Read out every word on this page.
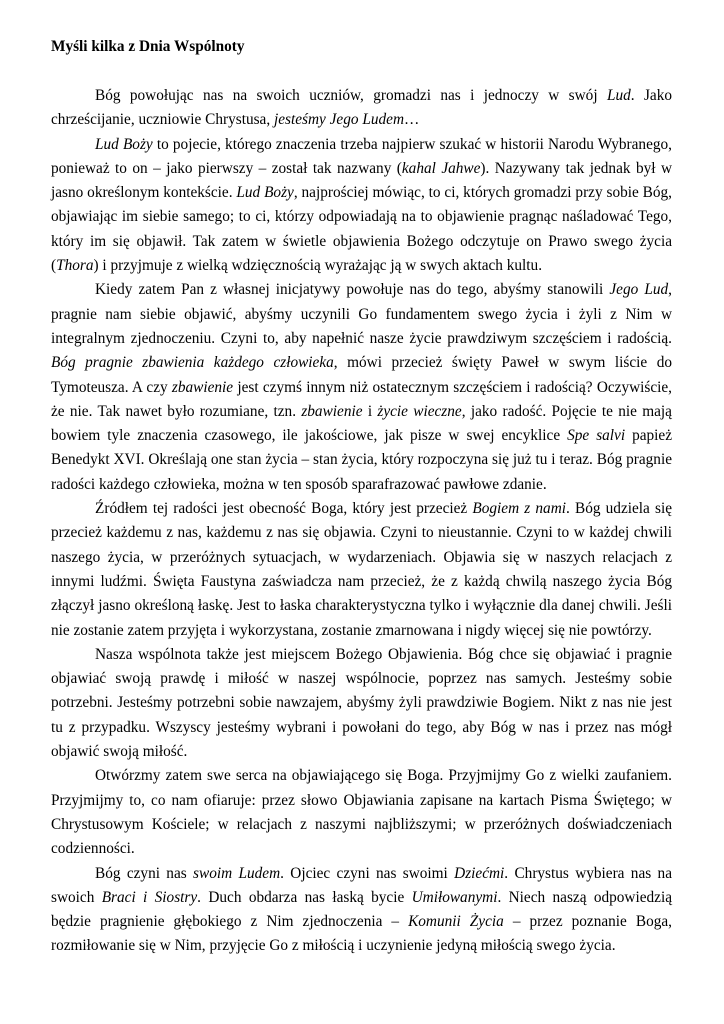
Myśli kilka z Dnia Wspólnoty

Bóg powołując nas na swoich uczniów, gromadzi nas i jednoczy w swój Lud. Jako chrześcijanie, uczniowie Chrystusa, jesteśmy Jego Ludem…

Lud Boży to pojecie, którego znaczenia trzeba najpierw szukać w historii Narodu Wybranego, ponieważ to on – jako pierwszy – został tak nazwany (kahal Jahwe). Nazywany tak jednak był w jasno określonym kontekście. Lud Boży, najprościej mówiąc, to ci, których gromadzi przy sobie Bóg, objawiając im siebie samego; to ci, którzy odpowiadają na to objawienie pragnąc naśladować Tego, który im się objawił. Tak zatem w świetle objawienia Bożego odczytuje on Prawo swego życia (Thora) i przyjmuje z wielką wdzięcznością wyrażając ją w swych aktach kultu.

Kiedy zatem Pan z własnej inicjatywy powołuje nas do tego, abyśmy stanowili Jego Lud, pragnie nam siebie objawić, abyśmy uczynili Go fundamentem swego życia i żyli z Nim w integralnym zjednoczeniu. Czyni to, aby napełnić nasze życie prawdziwym szczęściem i radością. Bóg pragnie zbawienia każdego człowieka, mówi przecież święty Paweł w swym liście do Tymoteusza. A czy zbawienie jest czymś innym niż ostatecznym szczęściem i radością? Oczywiście, że nie. Tak nawet było rozumiane, tzn. zbawienie i życie wieczne, jako radość. Pojęcie te nie mają bowiem tyle znaczenia czasowego, ile jakościowe, jak pisze w swej encyklice Spe salvi papież Benedykt XVI. Określają one stan życia – stan życia, który rozpoczyna się już tu i teraz. Bóg pragnie radości każdego człowieka, można w ten sposób sparafrazować pawłowe zdanie.

Źródłem tej radości jest obecność Boga, który jest przecież Bogiem z nami. Bóg udziela się przecież każdemu z nas, każdemu z nas się objawia. Czyni to nieustannie. Czyni to w każdej chwili naszego życia, w przeróżnych sytuacjach, w wydarzeniach. Objawia się w naszych relacjach z innymi ludźmi. Święta Faustyna zaświadcza nam przecież, że z każdą chwilą naszego życia Bóg złączył jasno określoną łaskę. Jest to łaska charakterystyczna tylko i wyłącznie dla danej chwili. Jeśli nie zostanie zatem przyjęta i wykorzystana, zostanie zmarnowana i nigdy więcej się nie powtórzy.

Nasza wspólnota także jest miejscem Bożego Objawienia. Bóg chce się objawiać i pragnie objawiać swoją prawdę i miłość w naszej wspólnocie, poprzez nas samych. Jesteśmy sobie potrzebni. Jesteśmy potrzebni sobie nawzajem, abyśmy żyli prawdziwie Bogiem. Nikt z nas nie jest tu z przypadku. Wszyscy jesteśmy wybrani i powołani do tego, aby Bóg w nas i przez nas mógł objawić swoją miłość.

Otwórzmy zatem swe serca na objawiającego się Boga. Przyjmijmy Go z wielki zaufaniem. Przyjmijmy to, co nam ofiaruje: przez słowo Objawiania zapisane na kartach Pisma Świętego; w Chrystusowym Kościele; w relacjach z naszymi najbliższymi; w przeróżnych doświadczeniach codzienności.

Bóg czyni nas swoim Ludem. Ojciec czyni nas swoimi Dziećmi. Chrystus wybiera nas na swoich Braci i Siostry. Duch obdarza nas łaską bycie Umiłowanymi. Niech naszą odpowiedzią będzie pragnienie głębokiego z Nim zjednoczenia – Komunii Życia – przez poznanie Boga, rozmiłowanie się w Nim, przyjęcie Go z miłością i uczynienie jedyną miłością swego życia.
